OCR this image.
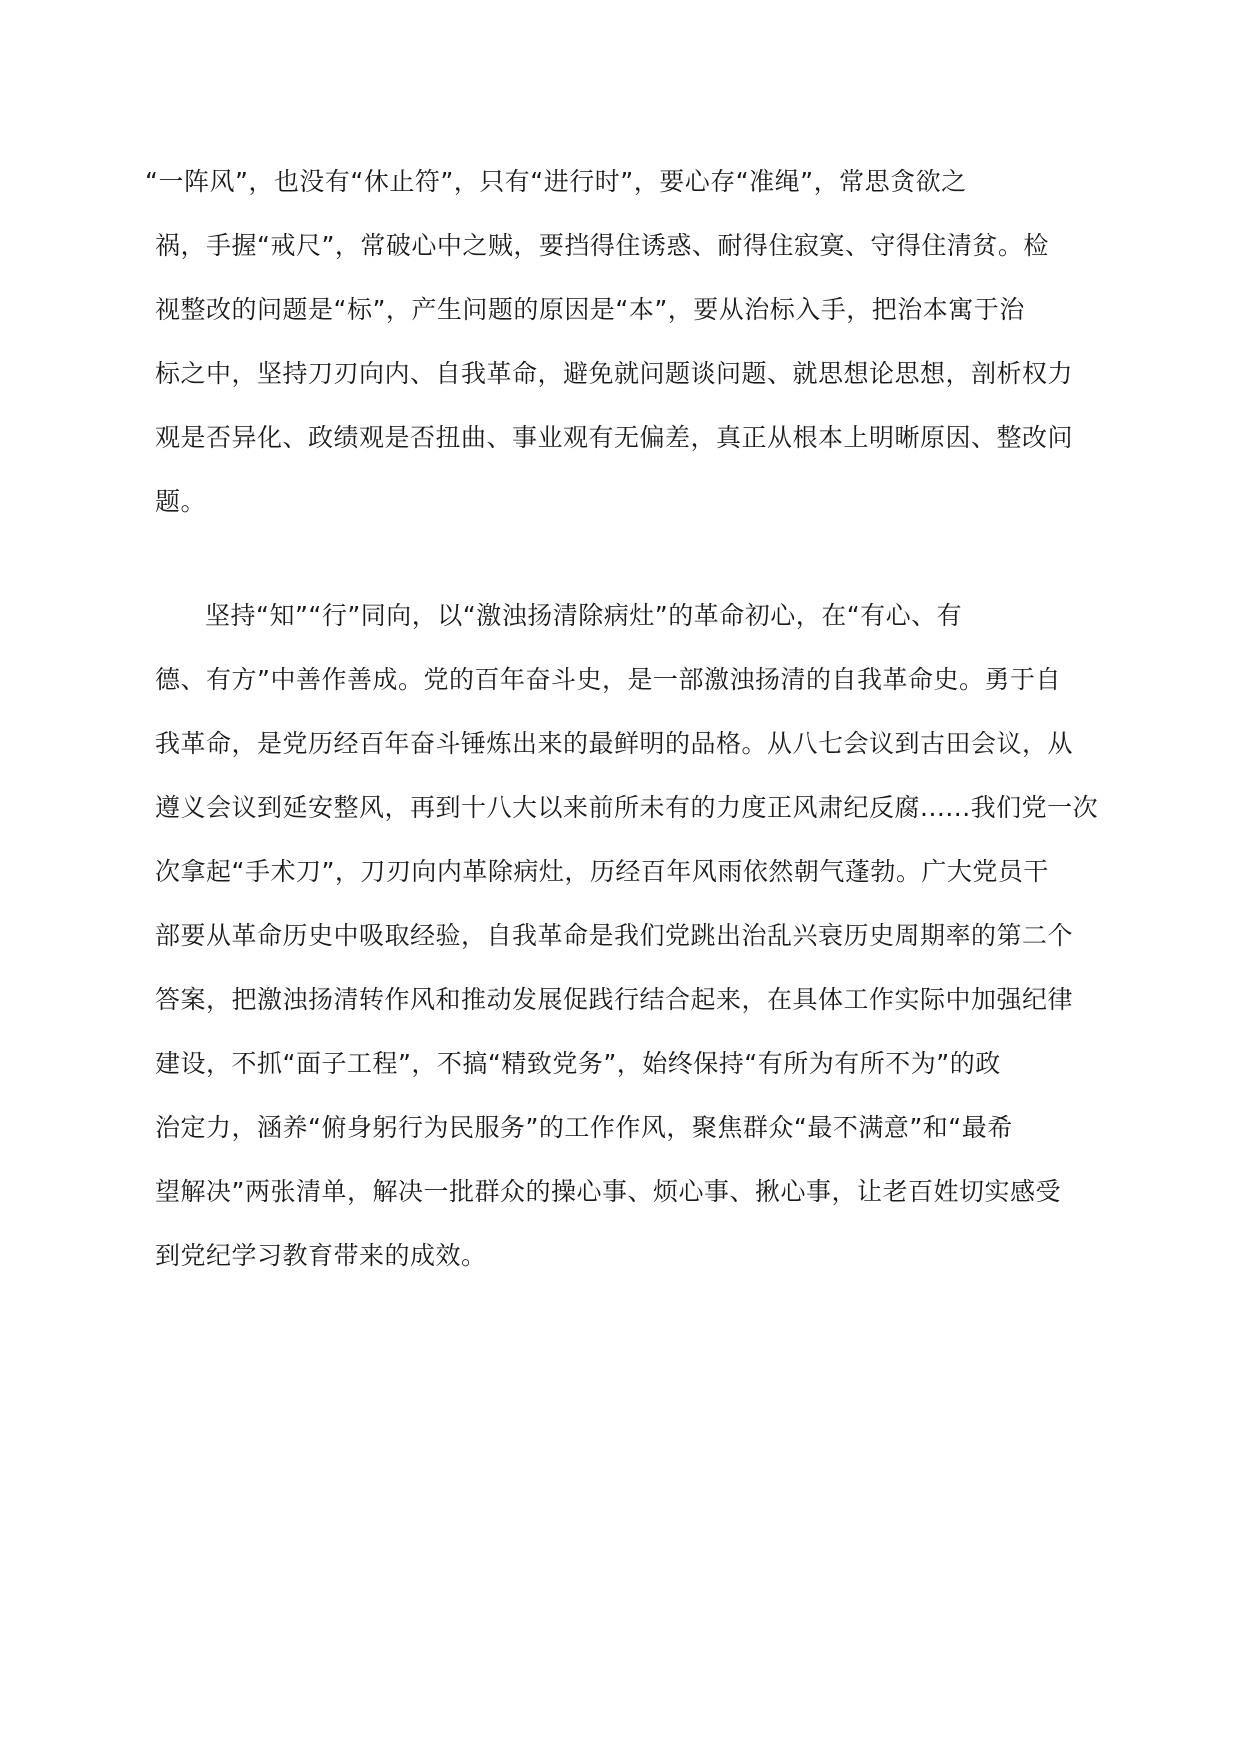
“一阵风”，也没有“休止符”，只有“进行时”，要心存“准绳”，常思贪欲之
祸，手握“戒尺”，常破心中之贼，要挡得住诱惑、耐得住寂寞、守得住清贫。检
视整改的问题是“标”，产生问题的原因是“本”，要从治标入手，把治本寓于治
标之中，坚持刀刃向内、自我革命，避免就问题谈问题、就思想论思想，剖析权力
观是否异化、政绩观是否扭曲、事业观有无偏差，真正从根本上明晰原因、整改问
题。
坚持“知”“行”同向，以“激浊扬清除病灶”的革命初心，在“有心、有
德、有方”中善作善成。党的百年奋斗史，是一部激浊扬清的自我革命史。勇于自
我革命，是党历经百年奋斗锤炼出来的最鲜明的品格。从八七会议到古田会议，从
遵义会议到延安整风，再到十八大以来前所未有的力度正风肃纪反腐......我们党一次
次拿起“手术刀”，刀刃向内革除病灶，历经百年风雨依然朝气蓬勃。广大党员干
部要从革命历史中吸取经验，自我革命是我们党跳出治乱兴衰历史周期率的第二个
答案，把激浊扬清转作风和推动发展促践行结合起来，在具体工作实际中加强纪律
建设，不抓“面子工程”，不搞“精致党务”，始终保持“有所为有所不为”的政
治定力，涵养“俯身躬行为民服务”的工作作风，聚焦群众“最不满意”和“最希
望解决”两张清单，解决一批群众的操心事、烦心事、揪心事，让老百姓切实感受
到党纪学习教育带来的成效。
